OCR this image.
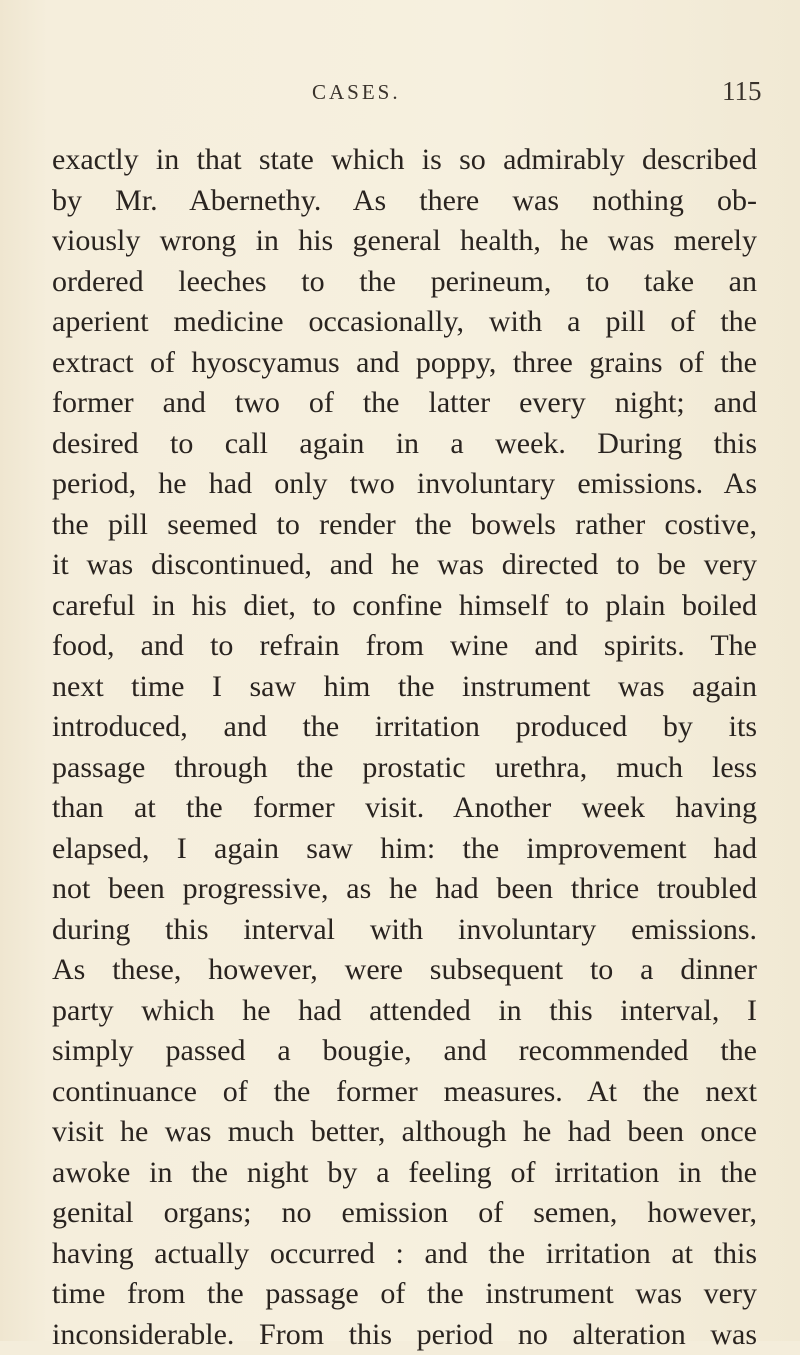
CASES.	115
exactly in that state which is so admirably described
by Mr. Abernethy. As there was nothing ob-
viously wrong in his general health, he was merely
ordered leeches to the perineum, to take an
aperient medicine occasionally, with a pill of the
extract of hyoscyamus and poppy, three grains of the
former and two of the latter every night; and
desired to call again in a week. During this
period, he had only two involuntary emissions. As
the pill seemed to render the bowels rather costive,
it was discontinued, and he was directed to be very
careful in his diet, to confine himself to plain boiled
food, and to refrain from wine and spirits. The
next time I saw him the instrument was again
introduced, and the irritation produced by its
passage through the prostatic urethra, much less
than at the former visit. Another week having
elapsed, I again saw him: the improvement had
not been progressive, as he had been thrice troubled
during this interval with involuntary emissions.
As these, however, were subsequent to a dinner
party which he had attended in this interval, I
simply passed a bougie, and recommended the
continuance of the former measures. At the next
visit he was much better, although he had been once
awoke in the night by a feeling of irritation in the
genital organs; no emission of semen, however,
having actually occurred : and the irritation at this
time from the passage of the instrument was very
inconsiderable. From this period no alteration was
